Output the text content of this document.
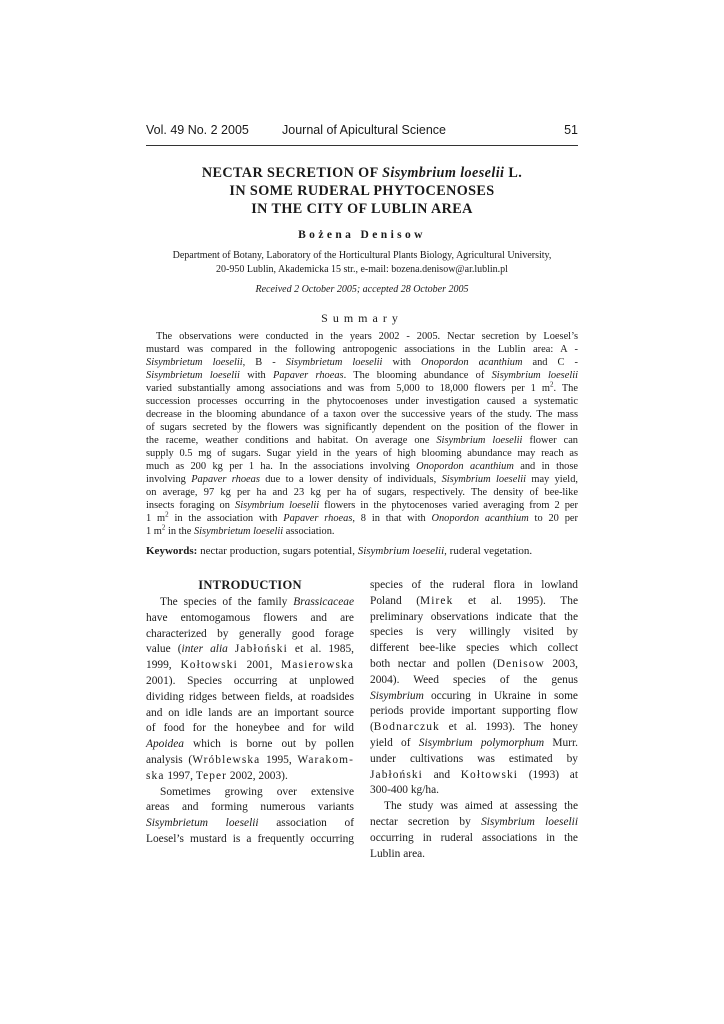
Vol. 49 No. 2 2005	Journal of Apicultural Science	51
NECTAR SECRETION OF Sisymbrium loeselii L.
IN SOME RUDERAL PHYTOCENOSES
IN THE CITY OF LUBLIN AREA
Bożena Denisow
Department of Botany, Laboratory of the Horticultural Plants Biology, Agricultural University,
20-950 Lublin, Akademicka 15 str., e-mail: bozena.denisow@ar.lublin.pl
Received 2 October 2005; accepted 28 October 2005
Summary
The observations were conducted in the years 2002 - 2005. Nectar secretion by Loesel’s
mustard was compared in the following antropogenic associations in the Lublin area: A -
Sisymbrietum loeselii, B - Sisymbrietum loeselii with Onopordon acanthium and C -
Sisymbrietum loeselii with Papaver rhoeas. The blooming abundance of Sisymbrium loeselii
varied substantially among associations and was from 5,000 to 18,000 flowers per 1 $m^2$. The
succession processes occurring in the phytocoenoses under investigation caused a systematic
decrease in the blooming abundance of a taxon over the successive years of the study. The mass
of sugars secreted by the flowers was significantly dependent on the position of the flower in
the raceme, weather conditions and habitat. On average one Sisymbrium loeselii flower can
supply 0.5 mg of sugars. Sugar yield in the years of high blooming abundance may reach as
much as 200 kg per 1 ha. In the associations involving Onopordon acanthium and in those
involving Papaver rhoeas due to a lower density of individuals, Sisymbrium loeselii may yield,
on average, 97 kg per ha and 23 kg per ha of sugars, respectively. The density of bee-like
insects foraging on Sisymbrium loeselii flowers in the phytocenoses varied averaging from 2 per
1 $m^2$ in the association with Papaver rhoeas, 8 in that with Onopordon acanthium to 20 per
1 $m^2$ in the Sisymbrietum loeselii association.
Keywords: nectar production, sugars potential, Sisymbrium loeselii, ruderal vegetation.
INTRODUCTION
The species of the family Brassicaceae
have entomogamous flowers and are
characterized by generally good forage
value (inter alia Jabłoński et al. 1985,
1999, Kołtowski 2001, Masierowska
2001). Species occurring at unplowed
dividing ridges between fields, at roadsides
and on idle lands are an important source
of food for the honeybee and for wild
Apoidea which is borne out by pollen
analysis (Wróblewska 1995, Warakom-
ska 1997, Teper 2002, 2003).
Sometimes growing over extensive
areas and forming numerous variants
Sisymbrietum loeselii association of
Loesel’s mustard is a frequently occurring
species of the ruderal flora in lowland
Poland (Mirek et al. 1995). The
preliminary observations indicate that the
species is very willingly visited by
different bee-like species which collect
both nectar and pollen (Denisow 2003,
2004). Weed species of the genus
Sisymbrium occuring in Ukraine in some
periods provide important supporting flow
(Bodnarczuk et al. 1993). The honey
yield of Sisymbrium polymorphum Murr.
under cultivations was estimated by
Jabłoński and Kołtowski (1993) at
300-400 kg/ha.
The study was aimed at assessing the
nectar secretion by Sisymbrium loeselii
occurring in ruderal associations in the
Lublin area.
